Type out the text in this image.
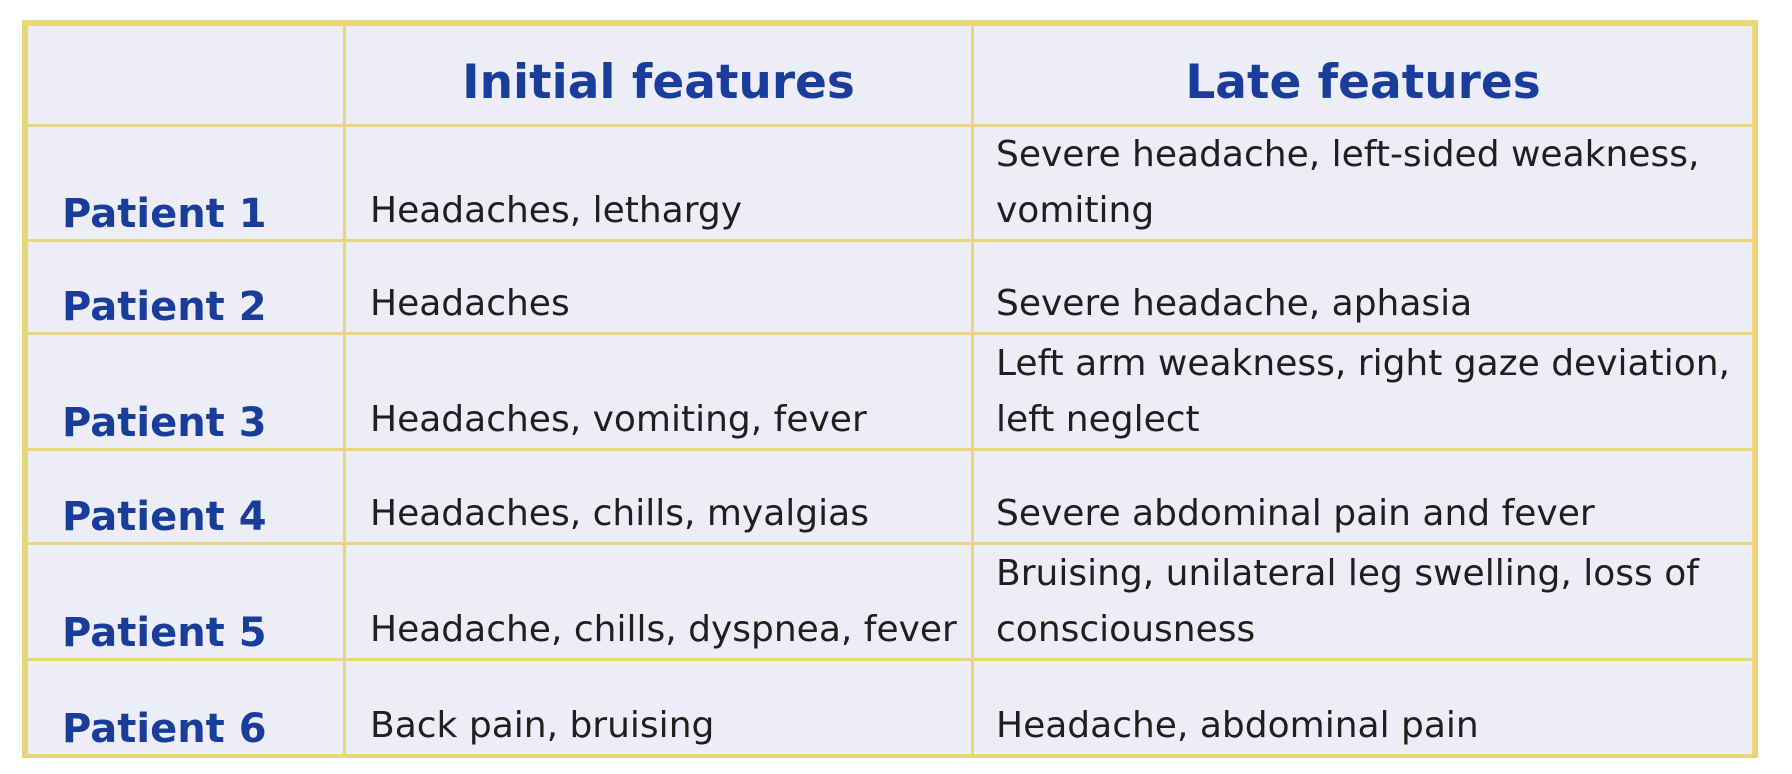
	Initial features	Late features
Patient 1	Headaches, lethargy	Severe headache, left-sided weakness, vomiting
Patient 2	Headaches	Severe headache, aphasia
Patient 3	Headaches, vomiting, fever	Left arm weakness, right gaze deviation, left neglect
Patient 4	Headaches, chills, myalgias	Severe abdominal pain and fever
Patient 5	Headache, chills, dyspnea, fever	Bruising, unilateral leg swelling, loss of consciousness
Patient 6	Back pain, bruising	Headache, abdominal pain
